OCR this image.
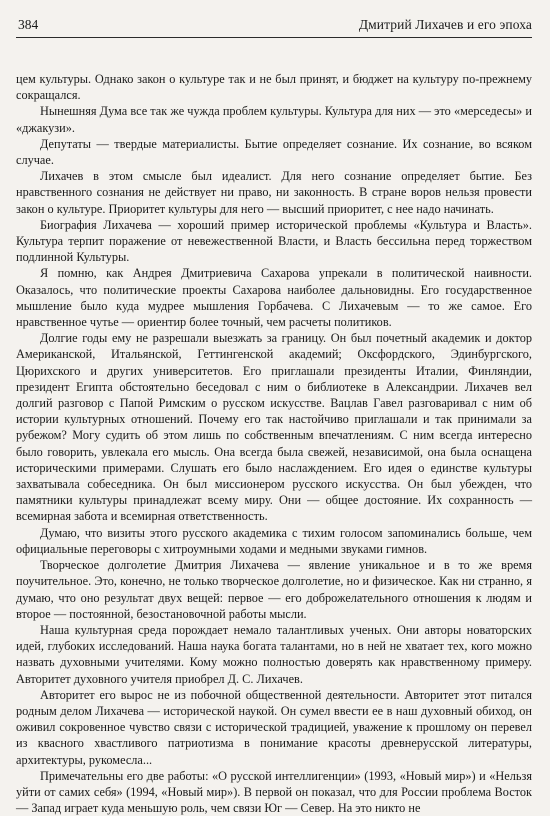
384	Дмитрий Лихачев и его эпоха

цем культуры. Однако закон о культуре так и не был принят, и бюджет на культуру по-прежнему сокращался.

Нынешняя Дума все так же чужда проблем культуры. Культура для них — это «мерседесы» и «джакузи».

Депутаты — твердые материалисты. Бытие определяет сознание. Их сознание, во всяком случае.

Лихачев в этом смысле был идеалист. Для него сознание определяет бытие. Без нравственного сознания не действует ни право, ни законность. В стране воров нельзя провести закон о культуре. Приоритет культуры для него — высший приоритет, с нее надо начинать.

Биография Лихачева — хороший пример исторической проблемы «Культура и Власть». Культура терпит поражение от невежественной Власти, и Власть бессильна перед торжеством подлинной Культуры.

Я помню, как Андрея Дмитриевича Сахарова упрекали в политической наивности. Оказалось, что политические проекты Сахарова наиболее дальновидны. Его государственное мышление было куда мудрее мышления Горбачева. С Лихачевым — то же самое. Его нравственное чутье — ориентир более точный, чем расчеты политиков.

Долгие годы ему не разрешали выезжать за границу. Он был почетный академик и доктор Американской, Итальянской, Геттингенской академий; Оксфордского, Эдинбургского, Цюрихского и других университетов. Его приглашали президенты Италии, Финляндии, президент Египта обстоятельно беседовал с ним о библиотеке в Александрии. Лихачев вел долгий разговор с Папой Римским о русском искусстве. Вацлав Гавел разговаривал с ним об истории культурных отношений. Почему его так настойчиво приглашали и так принимали за рубежом? Могу судить об этом лишь по собственным впечатлениям. С ним всегда интересно было говорить, увлекала его мысль. Она всегда была свежей, независимой, она была оснащена историческими примерами. Слушать его было наслаждением. Его идея о единстве культуры захватывала собеседника. Он был миссионером русского искусства. Он был убежден, что памятники культуры принадлежат всему миру. Они — общее достояние. Их сохранность — всемирная забота и всемирная ответственность.

Думаю, что визиты этого русского академика с тихим голосом запоминались больше, чем официальные переговоры с хитроумными ходами и медными звуками гимнов.

Творческое долголетие Дмитрия Лихачева — явление уникальное и в то же время поучительное. Это, конечно, не только творческое долголетие, но и физическое. Как ни странно, я думаю, что оно результат двух вещей: первое — его доброжелательного отношения к людям и второе — постоянной, безостановочной работы мысли.

Наша культурная среда порождает немало талантливых ученых. Они авторы новаторских идей, глубоких исследований. Наша наука богата талантами, но в ней не хватает тех, кого можно назвать духовными учителями. Кому можно полностью доверять как нравственному примеру. Авторитет духовного учителя приобрел Д. С. Лихачев.

Авторитет его вырос не из побочной общественной деятельности. Авторитет этот питался родным делом Лихачева — исторической наукой. Он сумел ввести ее в наш духовный обиход, он оживил сокровенное чувство связи с исторической традицией, уважение к прошлому он перевел из квасного хвастливого патриотизма в понимание красоты древнерусской литературы, архитектуры, рукомесла...

Примечательны его две работы: «О русской интеллигенции» (1993, «Новый мир») и «Нельзя уйти от самих себя» (1994, «Новый мир»). В первой он показал, что для России проблема Восток — Запад играет куда меньшую роль, чем связи Юг — Север. На это никто не
